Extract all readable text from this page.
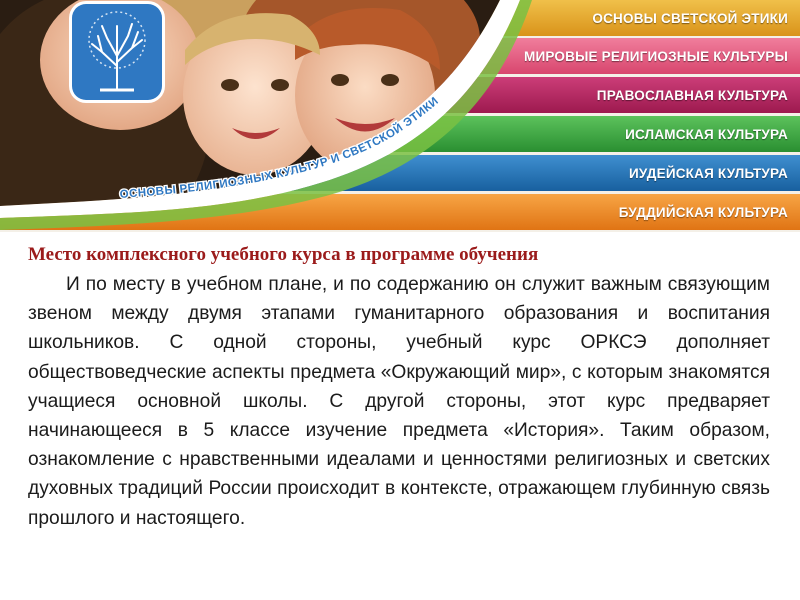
ОСНОВЫ СВЕТСКОЙ ЭТИКИ
МИРОВЫЕ РЕЛИГИОЗНЫЕ КУЛЬТУРЫ
ПРАВОСЛАВНАЯ КУЛЬТУРА
ИСЛАМСКАЯ КУЛЬТУРА
ИУДЕЙСКАЯ КУЛЬТУРА
БУДДИЙСКАЯ КУЛЬТУРА
ОСНОВЫ РЕЛИГИОЗНЫХ КУЛЬТУР И СВЕТСКОЙ ЭТИКИ
Место комплексного учебного курса в программе обучения

И по месту в учебном плане, и по содержанию он служит важным связующим звеном между двумя этапами гуманитарного образования и воспитания школьников. С одной стороны, учебный курс ОРКСЭ дополняет обществоведческие аспекты предмета «Окружающий мир», с которым знакомятся учащиеся основной школы. С другой стороны, этот курс предваряет начинающееся в 5 классе изучение предмета «История». Таким образом, ознакомление с нравственными идеалами и ценностями религиозных и светских духовных традиций России происходит в контексте, отражающем глубинную связь прошлого и настоящего.
